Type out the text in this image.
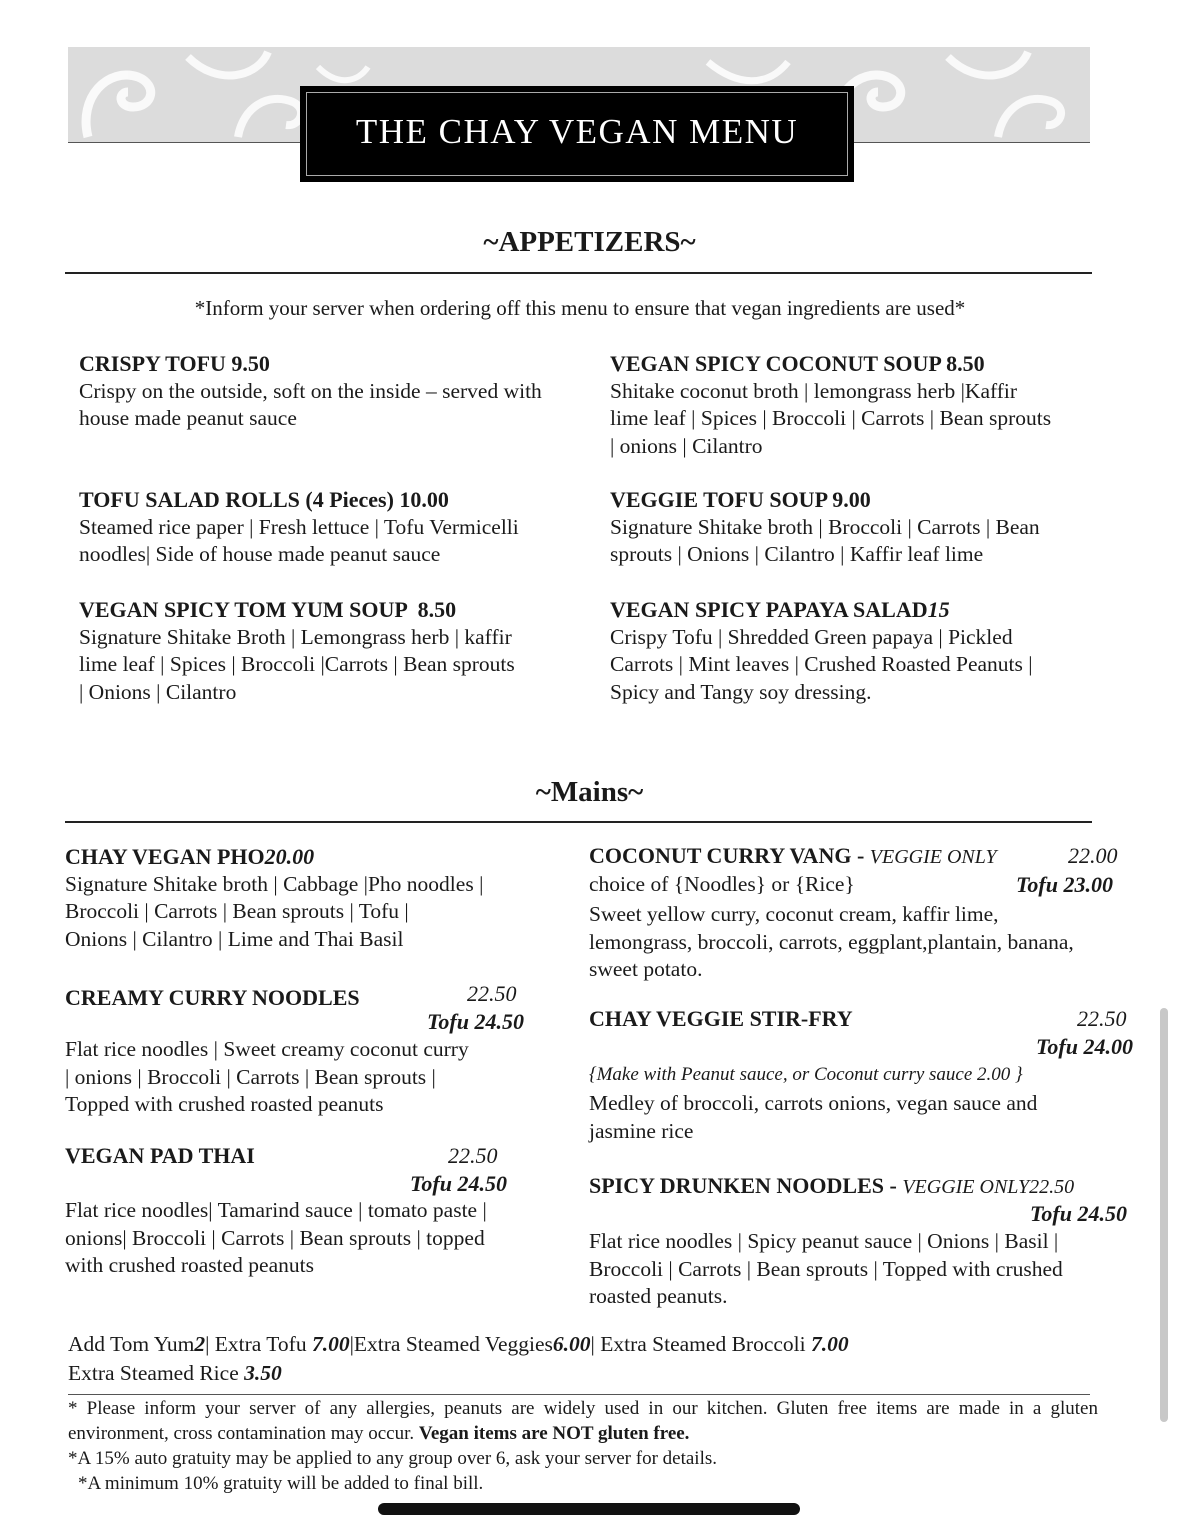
THE CHAY VEGAN MENU
~APPETIZERS~
*Inform your server when ordering off this menu to ensure that vegan ingredients are used*
CRISPY TOFU 9.50
Crispy on the outside, soft on the inside – served with
house made peanut sauce
VEGAN SPICY COCONUT SOUP 8.50
Shitake coconut broth | lemongrass herb |Kaffir
lime leaf | Spices | Broccoli | Carrots | Bean sprouts
| onions | Cilantro
TOFU SALAD ROLLS (4 Pieces) 10.00
Steamed rice paper | Fresh lettuce | Tofu Vermicelli
noodles| Side of house made peanut sauce
VEGGIE TOFU SOUP 9.00
Signature Shitake broth | Broccoli | Carrots | Bean
sprouts | Onions | Cilantro | Kaffir leaf lime
VEGAN SPICY TOM YUM SOUP  8.50
Signature Shitake Broth | Lemongrass herb | kaffir
lime leaf | Spices | Broccoli |Carrots | Bean sprouts
| Onions | Cilantro
VEGAN SPICY PAPAYA SALAD15
Crispy Tofu | Shredded Green papaya | Pickled
Carrots | Mint leaves | Crushed Roasted Peanuts |
Spicy and Tangy soy dressing.
~Mains~
CHAY VEGAN PHO20.00
Signature Shitake broth | Cabbage |Pho noodles |
Broccoli | Carrots | Bean sprouts | Tofu |
Onions | Cilantro | Lime and Thai Basil
CREAMY CURRY NOODLES	22.50
Tofu 24.50
Flat rice noodles | Sweet creamy coconut curry
| onions | Broccoli | Carrots | Bean sprouts |
Topped with crushed roasted peanuts
VEGAN PAD THAI	22.50
Tofu 24.50
Flat rice noodles| Tamarind sauce | tomato paste |
onions| Broccoli | Carrots | Bean sprouts | topped
with crushed roasted peanuts
COCONUT CURRY VANG - VEGGIE ONLY	22.00
choice of {Noodles} or {Rice}	Tofu 23.00
Sweet yellow curry, coconut cream, kaffir lime,
lemongrass, broccoli, carrots, eggplant,plantain, banana,
sweet potato.
CHAY VEGGIE STIR-FRY	22.50
Tofu 24.00
{Make with Peanut sauce, or Coconut curry sauce 2.00 }
Medley of broccoli, carrots onions, vegan sauce and
jasmine rice
SPICY DRUNKEN NOODLES - VEGGIE ONLY22.50
Tofu 24.50
Flat rice noodles | Spicy peanut sauce | Onions | Basil |
Broccoli | Carrots | Bean sprouts | Topped with crushed
roasted peanuts.
Add Tom Yum2| Extra Tofu 7.00|Extra Steamed Veggies6.00| Extra Steamed Broccoli 7.00
Extra Steamed Rice 3.50
* Please inform your server of any allergies, peanuts are widely used in our kitchen. Gluten free items are made in a gluten environment, cross contamination may occur. Vegan items are NOT gluten free.
*A 15% auto gratuity may be applied to any group over 6, ask your server for details.
*A minimum 10% gratuity will be added to final bill.
